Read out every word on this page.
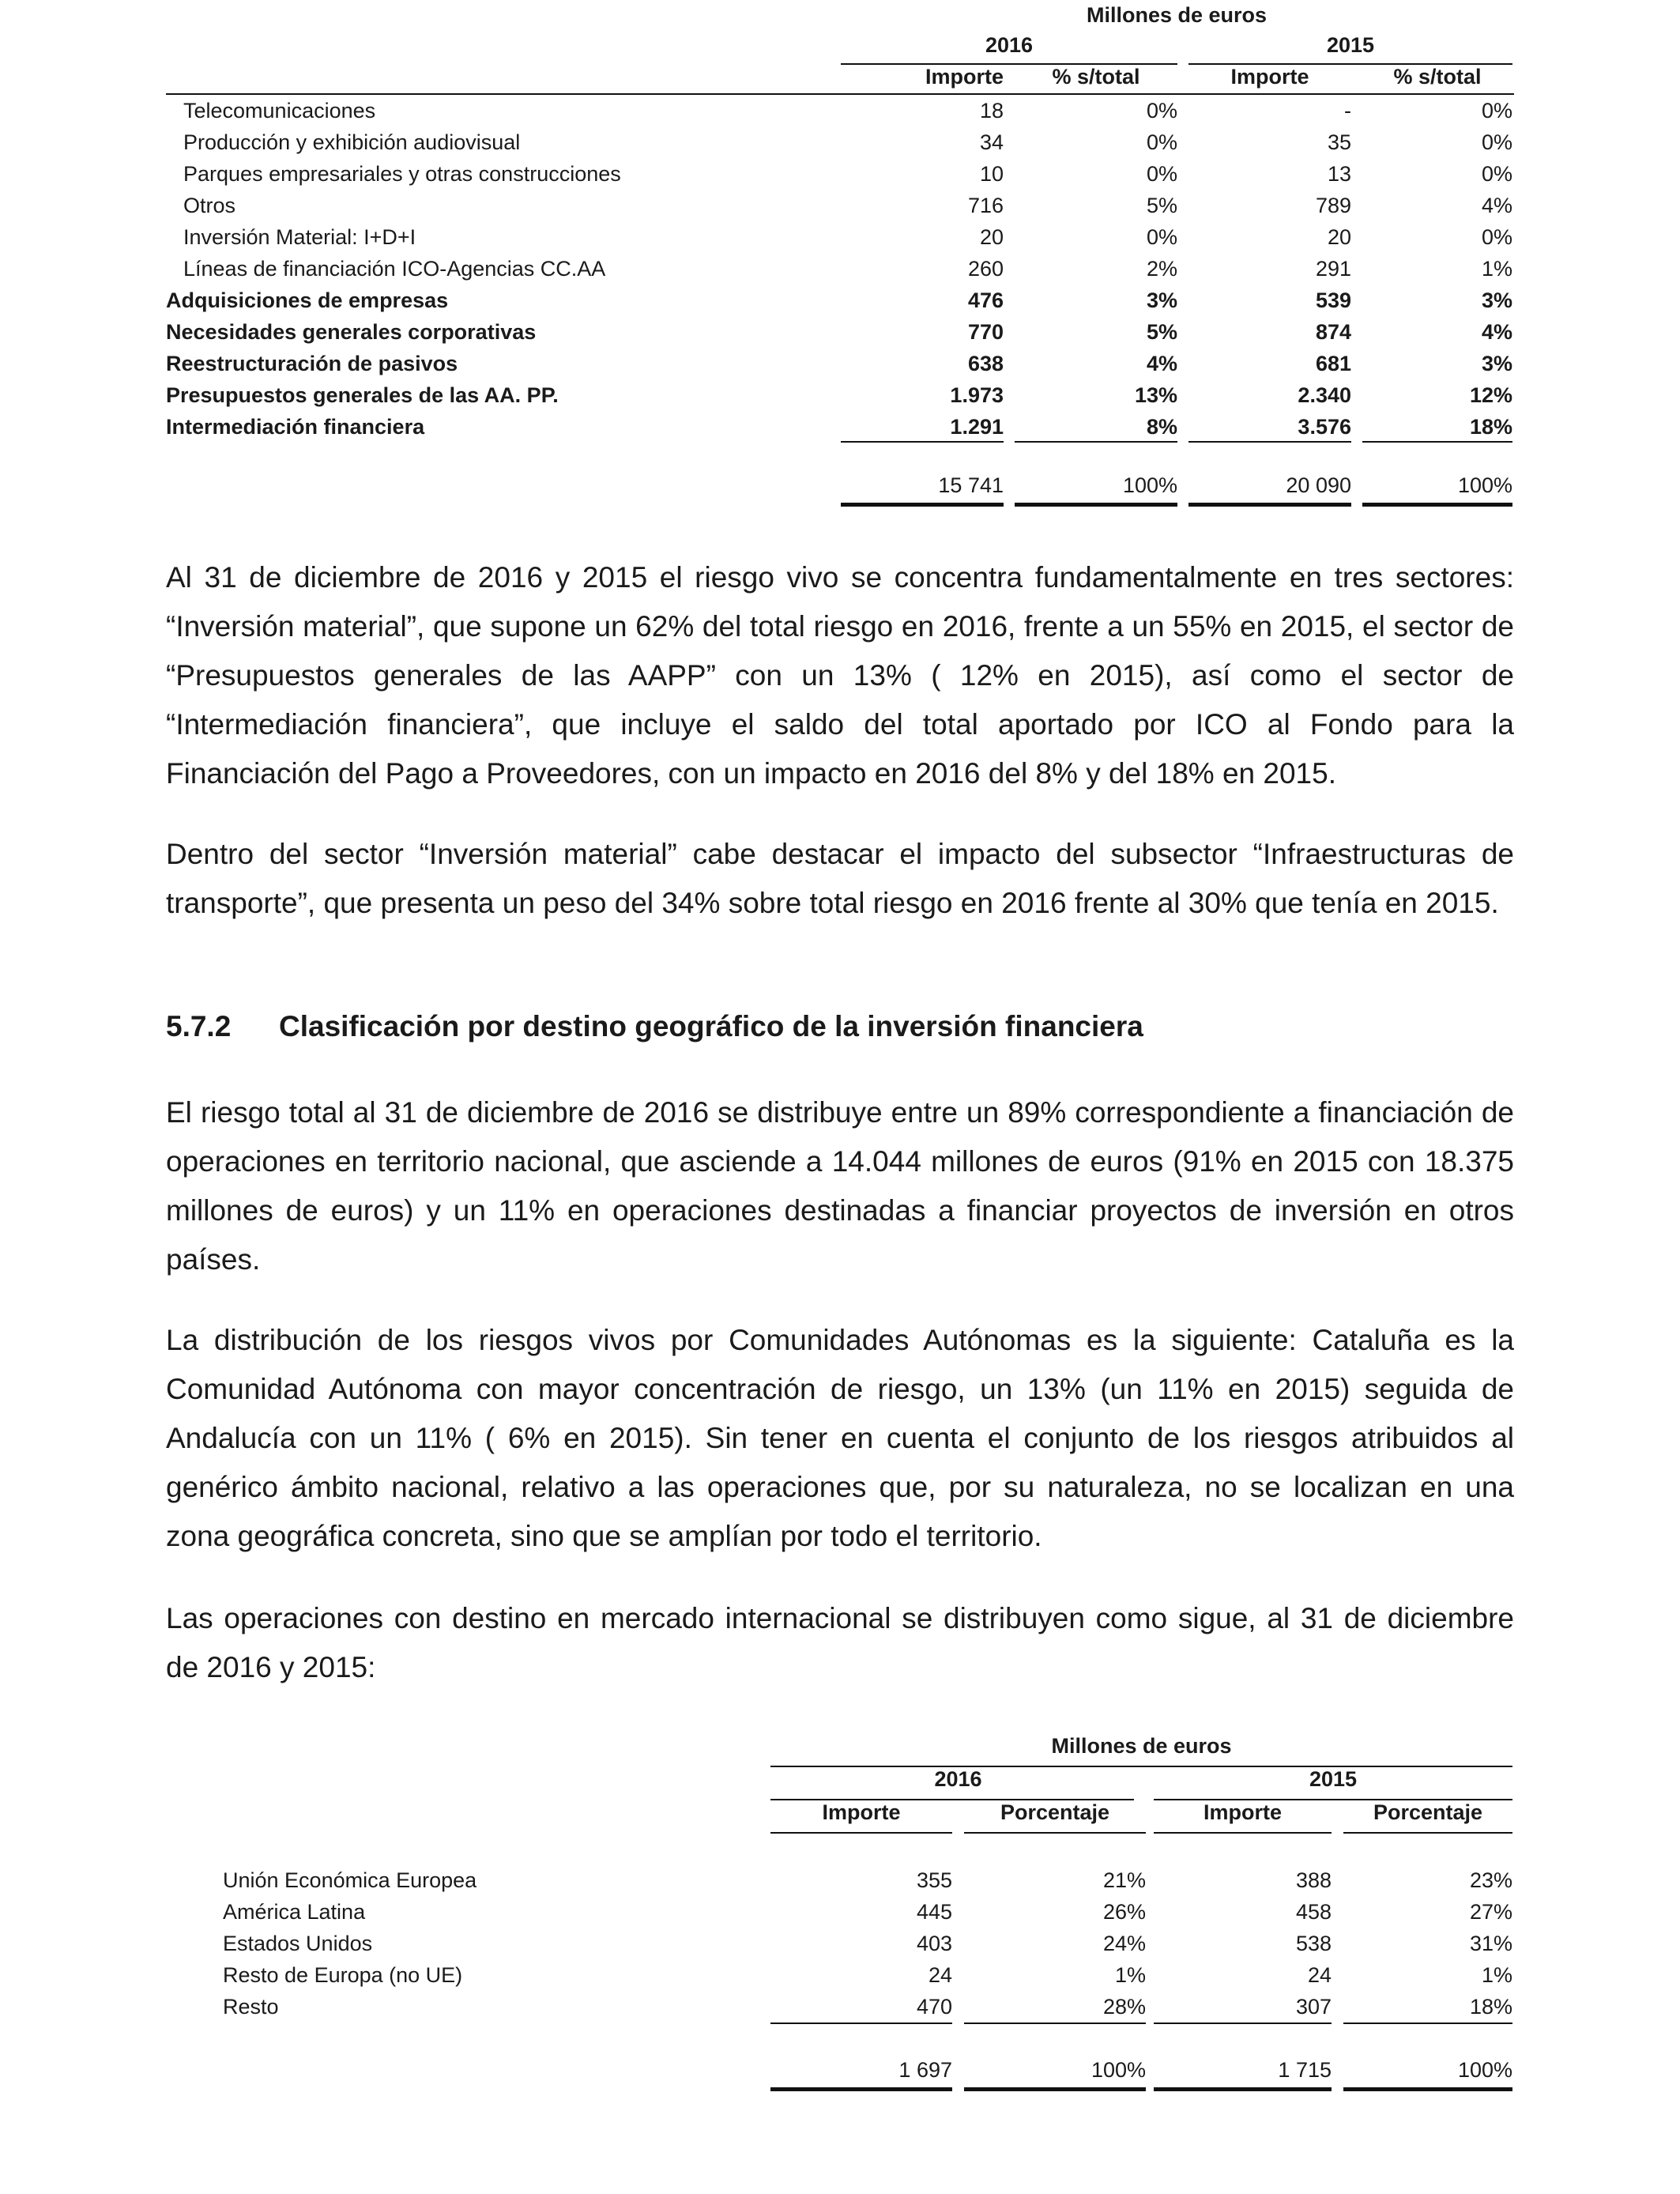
Millones de euros
2016	2015
Importe	% s/total	Importe	% s/total
Telecomunicaciones	18	0%	-	0%
Producción y exhibición audiovisual	34	0%	35	0%
Parques empresariales y otras construcciones	10	0%	13	0%
Otros	716	5%	789	4%
Inversión Material: I+D+I	20	0%	20	0%
Líneas de financiación ICO-Agencias CC.AA	260	2%	291	1%
Adquisiciones de empresas	476	3%	539	3%
Necesidades generales corporativas	770	5%	874	4%
Reestructuración de pasivos	638	4%	681	3%
Presupuestos generales de las AA. PP.	1.973	13%	2.340	12%
Intermediación financiera	1.291	8%	3.576	18%
15 741	100%	20 090	100%

Al 31 de diciembre de 2016 y 2015 el riesgo vivo se concentra fundamentalmente en tres sectores: “Inversión material”, que supone un 62% del total riesgo en 2016, frente a un 55% en 2015, el sector de “Presupuestos generales de las AAPP” con un 13% ( 12% en 2015), así como el sector de “Intermediación financiera”, que incluye el saldo del total aportado por ICO al Fondo para la Financiación del Pago a Proveedores, con un impacto en 2016 del 8% y del 18% en 2015.

Dentro del sector “Inversión material” cabe destacar el impacto del subsector “Infraestructuras de transporte”, que presenta un peso del 34% sobre total riesgo en 2016 frente al 30% que tenía en 2015.

5.7.2 Clasificación por destino geográfico de la inversión financiera

El riesgo total al 31 de diciembre de 2016 se distribuye entre un 89% correspondiente a financiación de operaciones en territorio nacional, que asciende a 14.044 millones de euros (91% en 2015 con 18.375 millones de euros) y un 11% en operaciones destinadas a financiar proyectos de inversión en otros países.

La distribución de los riesgos vivos por Comunidades Autónomas es la siguiente: Cataluña es la Comunidad Autónoma con mayor concentración de riesgo, un 13% (un 11% en 2015) seguida de Andalucía con un 11% ( 6% en 2015). Sin tener en cuenta el conjunto de los riesgos atribuidos al genérico ámbito nacional, relativo a las operaciones que, por su naturaleza, no se localizan en una zona geográfica concreta, sino que se amplían por todo el territorio.

Las operaciones con destino en mercado internacional se distribuyen como sigue, al 31 de diciembre de 2016 y 2015:

Millones de euros
2016	2015
Importe	Porcentaje	Importe	Porcentaje
Unión Económica Europea	355	21%	388	23%
América Latina	445	26%	458	27%
Estados Unidos	403	24%	538	31%
Resto de Europa (no UE)	24	1%	24	1%
Resto	470	28%	307	18%
1 697	100%	1 715	100%
